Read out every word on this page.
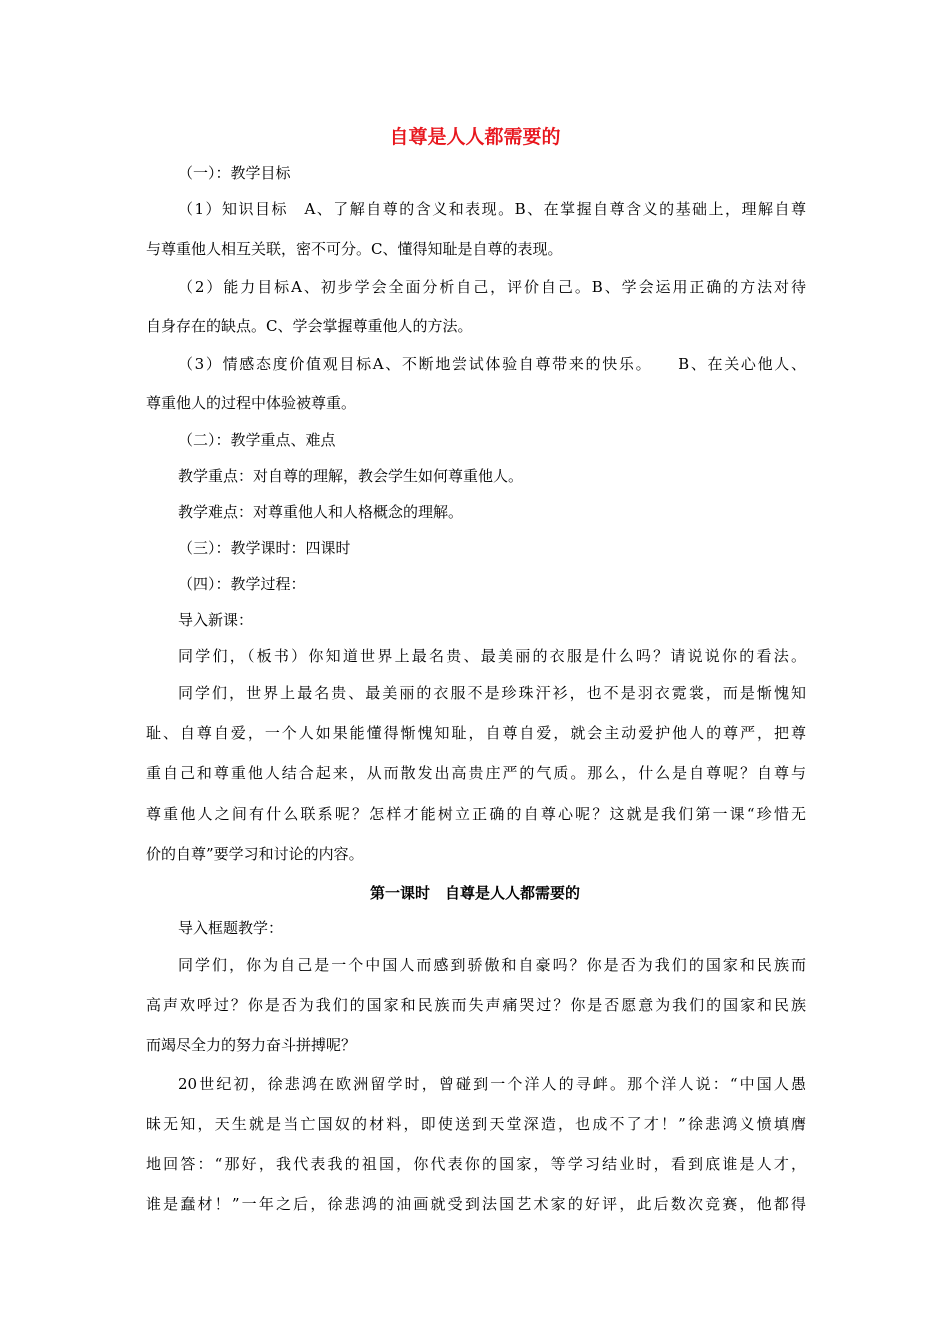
自尊是人人都需要的
（一）：教学目标
（1）知识目标　A、了解自尊的含义和表现。B、在掌握自尊含义的基础上，理解自尊
与尊重他人相互关联，密不可分。C、懂得知耻是自尊的表现。
（2）能力目标A、初步学会全面分析自己，评价自己。B、学会运用正确的方法对待
自身存在的缺点。C、学会掌握尊重他人的方法。
（3）情感态度价值观目标A、不断地尝试体验自尊带来的快乐。　　B、在关心他人、
尊重他人的过程中体验被尊重。
（二）：教学重点、难点
教学重点：对自尊的理解，教会学生如何尊重他人。
教学难点：对尊重他人和人格概念的理解。
（三）：教学课时：四课时
（四）：教学过程：
导入新课：
同学们，（板书）你知道世界上最名贵、最美丽的衣服是什么吗？请说说你的看法。
同学们，世界上最名贵、最美丽的衣服不是珍珠汗衫，也不是羽衣霓裳，而是惭愧知
耻、自尊自爱，一个人如果能懂得惭愧知耻，自尊自爱，就会主动爱护他人的尊严，把尊
重自己和尊重他人结合起来，从而散发出高贵庄严的气质。那么，什么是自尊呢？自尊与
尊重他人之间有什么联系呢？怎样才能树立正确的自尊心呢？这就是我们第一课“珍惜无
价的自尊”要学习和讨论的内容。
第一课时　自尊是人人都需要的
导入框题教学：
同学们，你为自己是一个中国人而感到骄傲和自豪吗？你是否为我们的国家和民族而
高声欢呼过？你是否为我们的国家和民族而失声痛哭过？你是否愿意为我们的国家和民族
而竭尽全力的努力奋斗拼搏呢？
20世纪初，徐悲鸿在欧洲留学时，曾碰到一个洋人的寻衅。那个洋人说：“中国人愚
昧无知，天生就是当亡国奴的材料，即使送到天堂深造，也成不了才！”徐悲鸿义愤填膺
地回答：“那好，我代表我的祖国，你代表你的国家，等学习结业时，看到底谁是人才，
谁是蠢材！”一年之后，徐悲鸿的油画就受到法国艺术家的好评，此后数次竞赛，他都得
